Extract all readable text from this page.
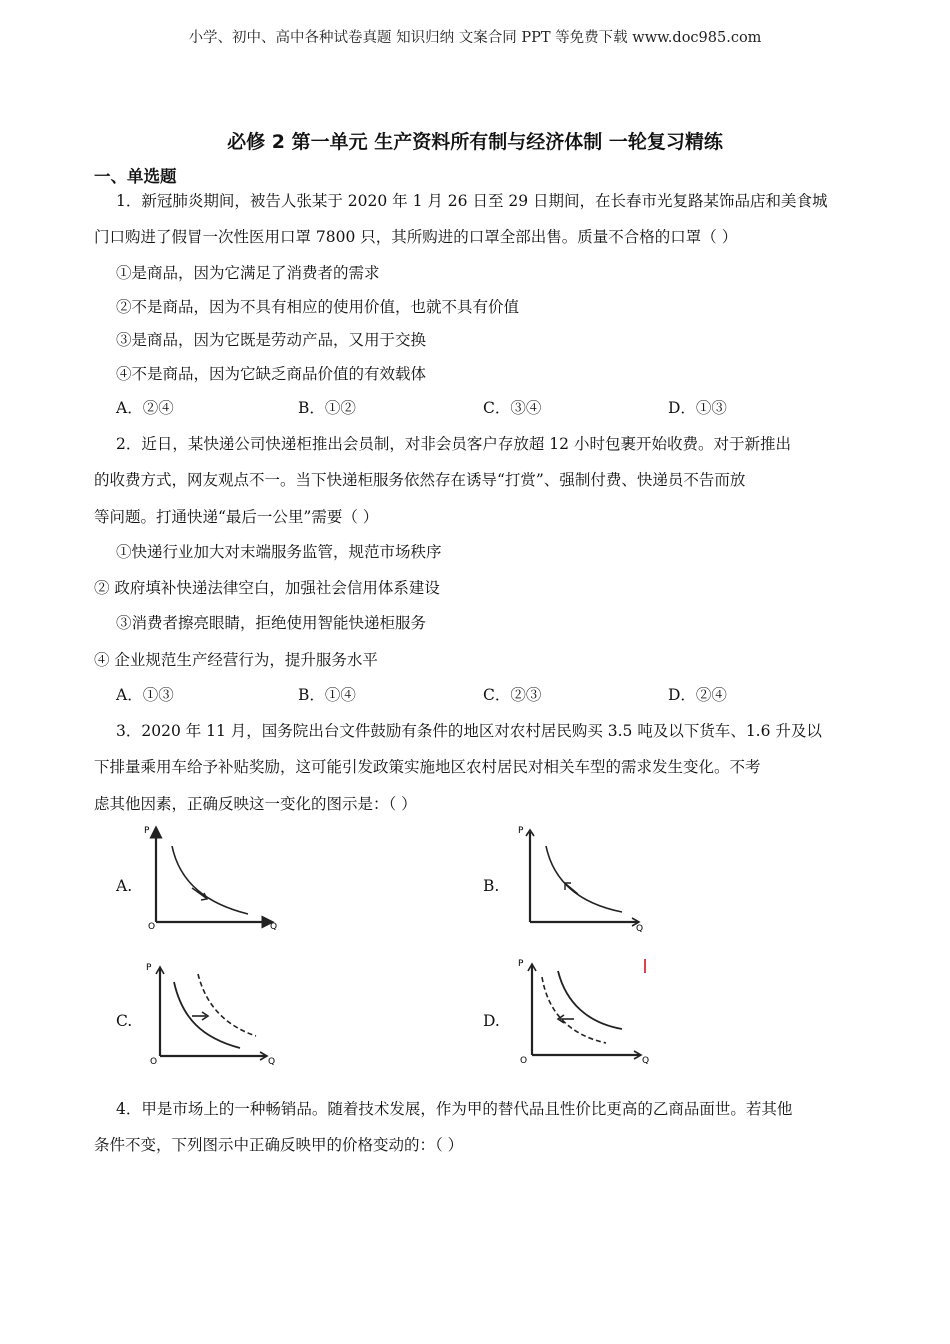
小学、初中、高中各种试卷真题 知识归纳 文案合同 PPT 等免费下载 www.doc985.com
必修 2 第一单元 生产资料所有制与经济体制 一轮复习精练
一、单选题
1．新冠肺炎期间，被告人张某于 2020 年 1 月 26 日至 29 日期间，在长春市光复路某饰品店和美食城
门口购进了假冒一次性医用口罩 7800 只，其所购进的口罩全部出售。质量不合格的口罩（ ）
①是商品，因为它满足了消费者的需求
②不是商品，因为不具有相应的使用价值，也就不具有价值
③是商品，因为它既是劳动产品，又用于交换
④不是商品，因为它缺乏商品价值的有效载体
A．②④	B．①②	C．③④	D．①③
2．近日，某快递公司快递柜推出会员制，对非会员客户存放超 12 小时包裹开始收费。对于新推出
的收费方式，网友观点不一。当下快递柜服务依然存在诱导“打赏”、强制付费、快递员不告而放
等问题。打通快递“最后一公里”需要（ ）
①快递行业加大对末端服务监管，规范市场秩序
② 政府填补快递法律空白，加强社会信用体系建设
③消费者擦亮眼睛，拒绝使用智能快递柜服务
④ 企业规范生产经营行为，提升服务水平
A．①③	B．①④	C．②③	D．②④
3．2020 年 11 月，国务院出台文件鼓励有条件的地区对农村居民购买 3.5 吨及以下货车、1.6 升及以
下排量乘用车给予补贴奖励，这可能引发政策实施地区农村居民对相关车型的需求发生变化。不考
虑其他因素，正确反映这一变化的图示是：（ ）
A.	B.
C.	D.
P
O	Q
P
Q
P
O	Q
P
O	Q
4．甲是市场上的一种畅销品。随着技术发展，作为甲的替代品且性价比更高的乙商品面世。若其他
条件不变，下列图示中正确反映甲的价格变动的：（ ）
